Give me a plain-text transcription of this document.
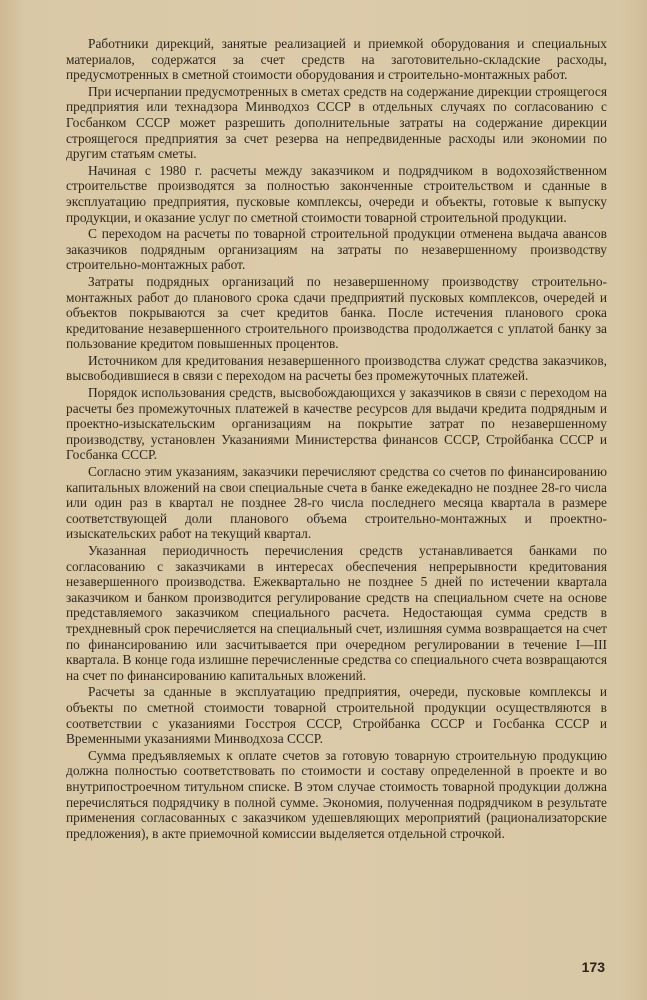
Работники дирекций, занятые реализацией и приемкой оборудования и специальных материалов, содержатся за счет средств на заготовительно-складские расходы, предусмотренных в сметной стоимости оборудования и строительно-монтажных работ.

При исчерпании предусмотренных в сметах средств на содержание дирекции строящегося предприятия или технадзора Минводхоз СССР в отдельных случаях по согласованию с Госбанком СССР может разрешить дополнительные затраты на содержание дирекции строящегося предприятия за счет резерва на непредвиденные расходы или экономии по другим статьям сметы.

Начиная с 1980 г. расчеты между заказчиком и подрядчиком в водохозяйственном строительстве производятся за полностью законченные строительством и сданные в эксплуатацию предприятия, пусковые комплексы, очереди и объекты, готовые к выпуску продукции, и оказание услуг по сметной стоимости товарной строительной продукции.

С переходом на расчеты по товарной строительной продукции отменена выдача авансов заказчиков подрядным организациям на затраты по незавершенному производству строительно-монтажных работ.

Затраты подрядных организаций по незавершенному производству строительно-монтажных работ до планового срока сдачи предприятий пусковых комплексов, очередей и объектов покрываются за счет кредитов банка. После истечения планового срока кредитование незавершенного строительного производства продолжается с уплатой банку за пользование кредитом повышенных процентов.

Источником для кредитования незавершенного производства служат средства заказчиков, высвободившиеся в связи с переходом на расчеты без промежуточных платежей.

Порядок использования средств, высвобождающихся у заказчиков в связи с переходом на расчеты без промежуточных платежей в качестве ресурсов для выдачи кредита подрядным и проектно-изыскательским организациям на покрытие затрат по незавершенному производству, установлен Указаниями Министерства финансов СССР, Стройбанка СССР и Госбанка СССР.

Согласно этим указаниям, заказчики перечисляют средства со счетов по финансированию капитальных вложений на свои специальные счета в банке ежедекадно не позднее 28-го числа или один раз в квартал не позднее 28-го числа последнего месяца квартала в размере соответствующей доли планового объема строительно-монтажных и проектно-изыскательских работ на текущий квартал.

Указанная периодичность перечисления средств устанавливается банками по согласованию с заказчиками в интересах обеспечения непрерывности кредитования незавершенного производства. Ежеквартально не позднее 5 дней по истечении квартала заказчиком и банком производится регулирование средств на специальном счете на основе представляемого заказчиком специального расчета. Недостающая сумма средств в трехдневный срок перечисляется на специальный счет, излишняя сумма возвращается на счет по финансированию или засчитывается при очередном регулировании в течение I—III квартала. В конце года излишне перечисленные средства со специального счета возвращаются на счет по финансированию капитальных вложений.

Расчеты за сданные в эксплуатацию предприятия, очереди, пусковые комплексы и объекты по сметной стоимости товарной строительной продукции осуществляются в соответствии с указаниями Госстроя СССР, Стройбанка СССР и Госбанка СССР и Временными указаниями Минводхоза СССР.

Сумма предъявляемых к оплате счетов за готовую товарную строительную продукцию должна полностью соответствовать по стоимости и составу определенной в проекте и во внутрипостроечном титульном списке. В этом случае стоимость товарной продукции должна перечисляться подрядчику в полной сумме. Экономия, полученная подрядчиком в результате применения согласованных с заказчиком удешевляющих мероприятий (рационализаторские предложения), в акте приемочной комиссии выделяется отдельной строчкой.

173
